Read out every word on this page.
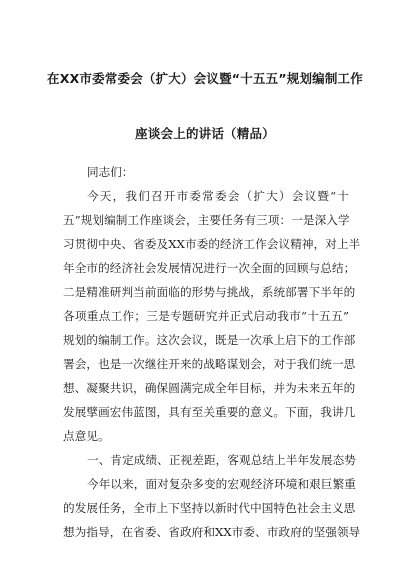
在XX市委常委会（扩大）会议暨“十五五”规划编制工作
座谈会上的讲话（精品）
同志们：
今天，我们召开市委常委会（扩大）会议暨“十
五”规划编制工作座谈会，主要任务有三项：一是深入学
习贯彻中央、省委及XX市委的经济工作会议精神，对上半
年全市的经济社会发展情况进行一次全面的回顾与总结；
二是精准研判当前面临的形势与挑战，系统部署下半年的
各项重点工作；三是专题研究并正式启动我市“十五五”
规划的编制工作。这次会议，既是一次承上启下的工作部
署会，也是一次继往开来的战略谋划会，对于我们统一思
想、凝聚共识，确保圆满完成全年目标，并为未来五年的
发展擘画宏伟蓝图，具有至关重要的意义。下面，我讲几
点意见。
一、肯定成绩、正视差距，客观总结上半年发展态势
今年以来，面对复杂多变的宏观经济环境和艰巨繁重
的发展任务，全市上下坚持以新时代中国特色社会主义思
想为指导，在省委、省政府和XX市委、市政府的坚强领导
